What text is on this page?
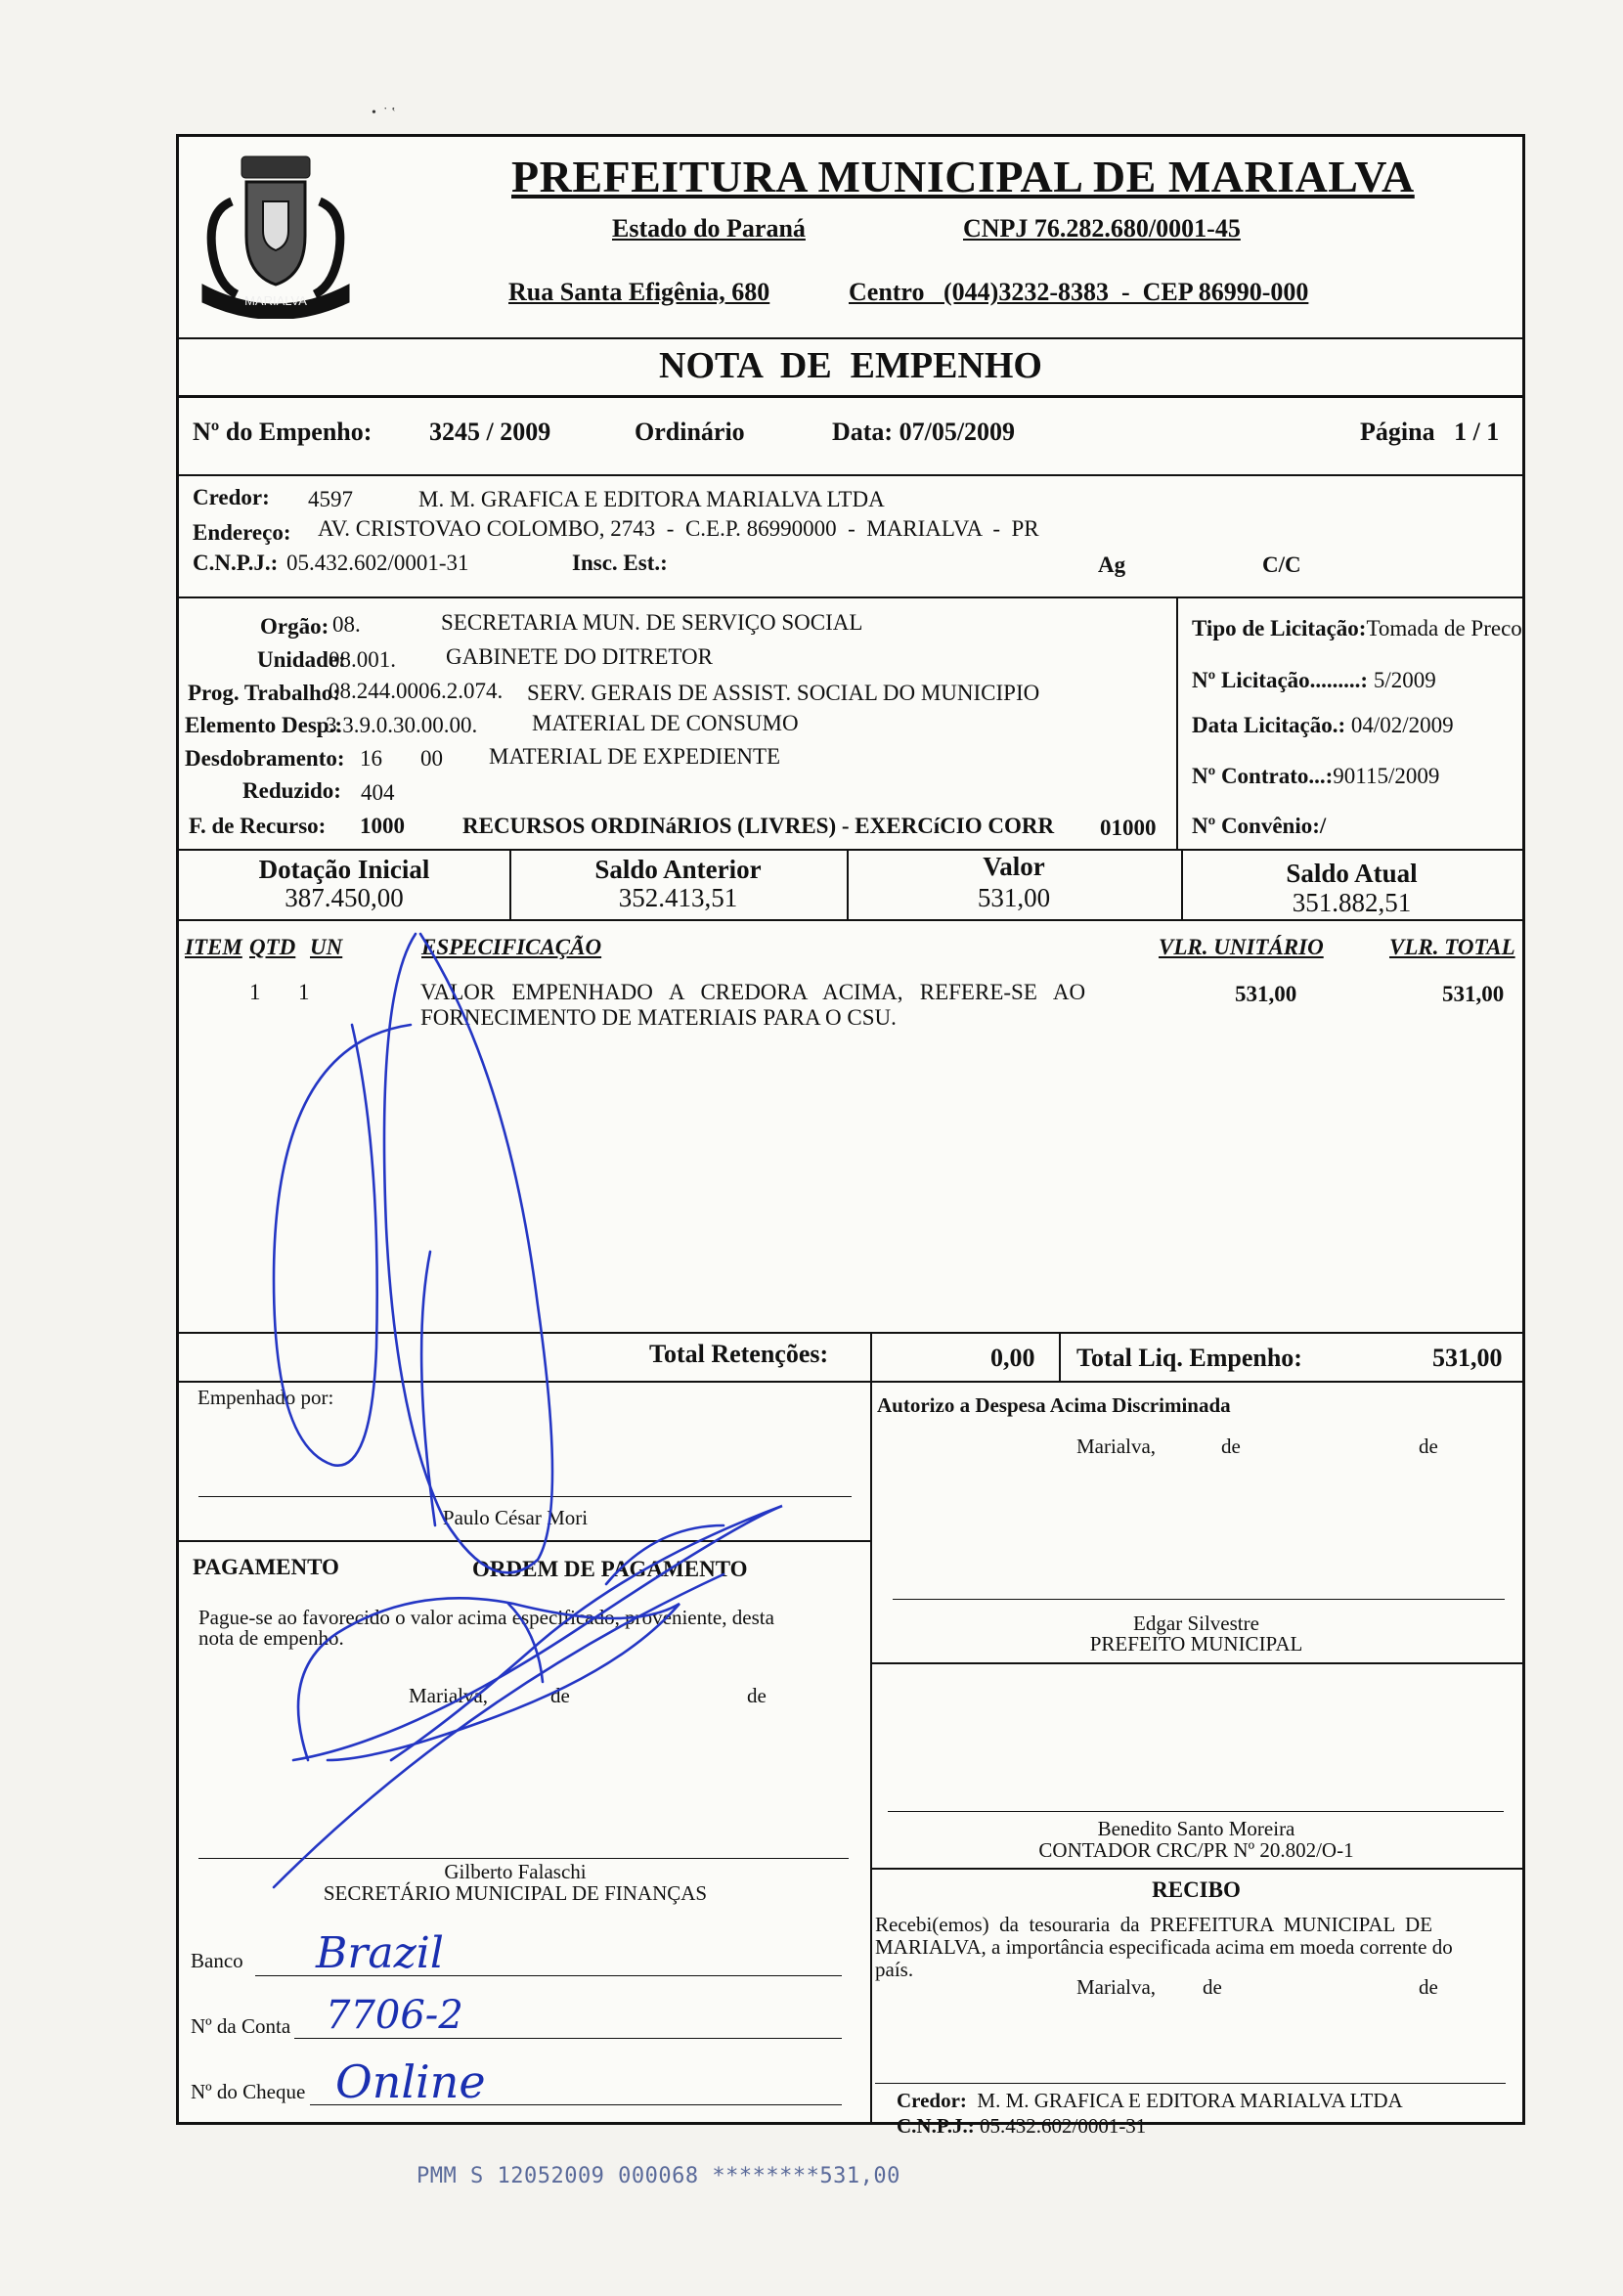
•  ˙ ‛
MARIALVA
PREFEITURA MUNICIPAL DE MARIALVA
Estado do Paraná	CNPJ 76.282.680/0001-45
Rua Santa Efigênia, 680	Centro   (044)3232-8383  -  CEP 86990-000
NOTA  DE  EMPENHO
Nº do Empenho: 3245 / 2009	Ordinário	Data: 07/05/2009	Página   1 / 1
Credor: 4597	M. M. GRAFICA E EDITORA MARIALVA LTDA
Endereço: AV. CRISTOVAO COLOMBO, 2743  -  C.E.P. 86990000  -  MARIALVA  -  PR
C.N.P.J.: 05.432.602/0001-31	Insc. Est.:	Ag	C/C
Orgão: 08.	SECRETARIA MUN. DE SERVIÇO SOCIAL
Unidade:
08.001. GABINETE DO DITRETOR
Prog. Trabalho:
08.244.0006.2.074. SERV. GERAIS DE ASSIST. SOCIAL DO MUNICIPIO
Elemento Desp.:
3.3.9.0.30.00.00. MATERIAL DE CONSUMO
Desdobramento: 16 00 MATERIAL DE EXPEDIENTE
Reduzido: 404
F. de Recurso: 1000	RECURSOS ORDINáRIOS (LIVRES) - EXERCíCIO CORR 01000
Tipo de Licitação:Tomada de Preco
Nº Licitação.........: 5/2009
Data Licitação.: 04/02/2009
Nº Contrato...:90115/2009
Nº Convênio:/
Dotação Inicial
387.450,00
Saldo Anterior
352.413,51
Valor
531,00
Saldo Atual
351.882,51
ITEM QTD UN	ESPECIFICAÇÃO	VLR. UNITÁRIO	VLR. TOTAL
1 1	VALOR   EMPENHADO   A   CREDORA   ACIMA,   REFERE-SE   AO
FORNECIMENTO DE MATERIAIS PARA O CSU.
531,00	531,00
Total Retenções:	0,00 Total Liq. Empenho:	531,00
Empenhado por:
Paulo César Mori
Autorizo a Despesa Acima Discriminada
Marialva,	de	de
Edgar Silvestre
PREFEITO MUNICIPAL
Benedito Santo Moreira
CONTADOR CRC/PR Nº 20.802/O-1
RECIBO
Recebi(emos)  da  tesouraria  da  PREFEITURA  MUNICIPAL  DE
MARIALVA, a importância especificada acima em moeda corrente do
país.
Marialva, de	de
Credor: M. M. GRAFICA E EDITORA MARIALVA LTDA
C.N.P.J.: 05.432.602/0001-31
PAGAMENTO	ORDEM DE PAGAMENTO
Pague-se ao favorecido o valor acima especificado, proveniente, desta
nota de empenho.
Marialva,	de	de
Gilberto Falaschi
SECRETÁRIO MUNICIPAL DE FINANÇAS
Banco Brazil
Nº da Conta 7706-2
Nº do Cheque Online
PMM S 12052009 000068 ********531,00
